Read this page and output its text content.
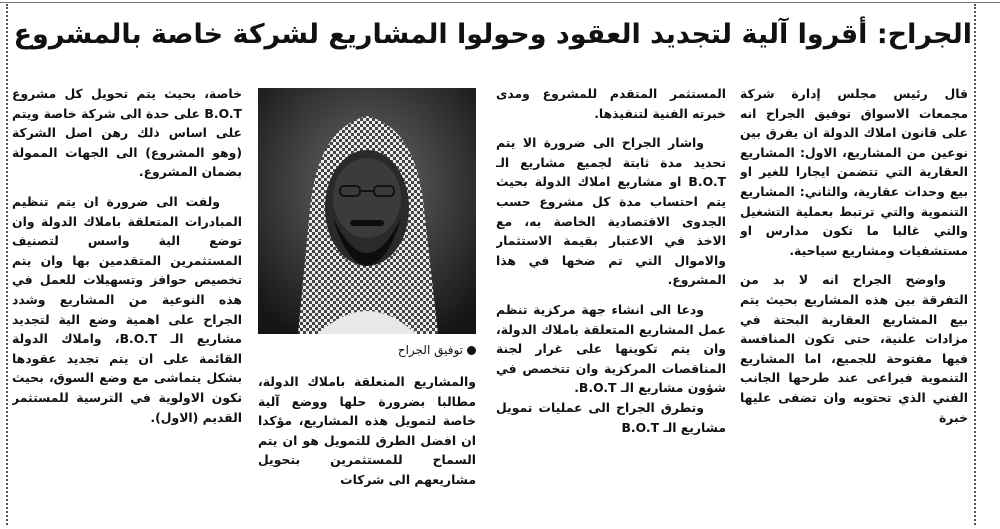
الجراح: أقروا آلية لتجديد العقود وحولوا المشاريع لشركة خاصة بالمشروع

قال رئيس مجلس إدارة شركة مجمعات الاسواق توفيق الجراح انه على قانون املاك الدولة ان يفرق بين نوعين من المشاريع، الاول: المشاريع العقارية التي تتضمن ايجارا للغير او بيع وحدات عقارية، والثاني: المشاريع التنموية والتي ترتبط بعملية التشغيل والتي غالبا ما تكون مدارس او مستشفيات ومشاريع سياحية.

واوضح الجراح انه لا بد من التفرقة بين هذه المشاريع بحيث يتم بيع المشاريع العقارية البحتة في مزادات علنية، حتى تكون المنافسة فيها مفتوحة للجميع، اما المشاريع التنموية فيراعى عند طرحها الجانب الفني الذي تحتويه وان تضفى عليها خبرة

المستثمر المتقدم للمشروع ومدى خبرته الفنية لتنفيذها.

واشار الجراح الى ضرورة الا يتم تحديد مدة ثابتة لجميع مشاريع الـ B.O.T او مشاريع املاك الدولة بحيث يتم احتساب مدة كل مشروع حسب الجدوى الاقتصادية الخاصة به، مع الاخذ في الاعتبار بقيمة الاستثمار والاموال التي تم ضخها في هذا المشروع.

ودعا الى انشاء جهة مركزية تنظم عمل المشاريع المتعلقة باملاك الدولة، وان يتم تكوينها على غرار لجنة المناقصات المركزية وان تتخصص في شؤون مشاريع الـ B.O.T.

وتطرق الجراح الى عمليات تمويل مشاريع الـ B.O.T

توفيق الجراح

والمشاريع المتعلقة باملاك الدولة، مطالبا بضرورة حلها ووضع آلية خاصة لتمويل هذه المشاريع، مؤكدا ان افضل الطرق للتمويل هو ان يتم السماح للمستثمرين بتحويل مشاريعهم الى شركات

خاصة، بحيث يتم تحويل كل مشروع B.O.T على حدة الى شركة خاصة ويتم على اساس ذلك رهن اصل الشركة (وهو المشروع) الى الجهات الممولة بضمان المشروع.

ولفت الى ضرورة ان يتم تنظيم المبادرات المتعلقة باملاك الدولة وان توضع الية واسس لتصنيف المستثمرين المتقدمين بها وان يتم تخصيص حوافز وتسهيلات للعمل في هذه النوعية من المشاريع وشدد الجراح على اهمية وضع الية لتجديد مشاريع الـ B.O.T، واملاك الدولة القائمة على ان يتم تجديد عقودها بشكل يتماشى مع وضع السوق، بحيث تكون الاولوية في الترسية للمستثمر القديم (الاول).
